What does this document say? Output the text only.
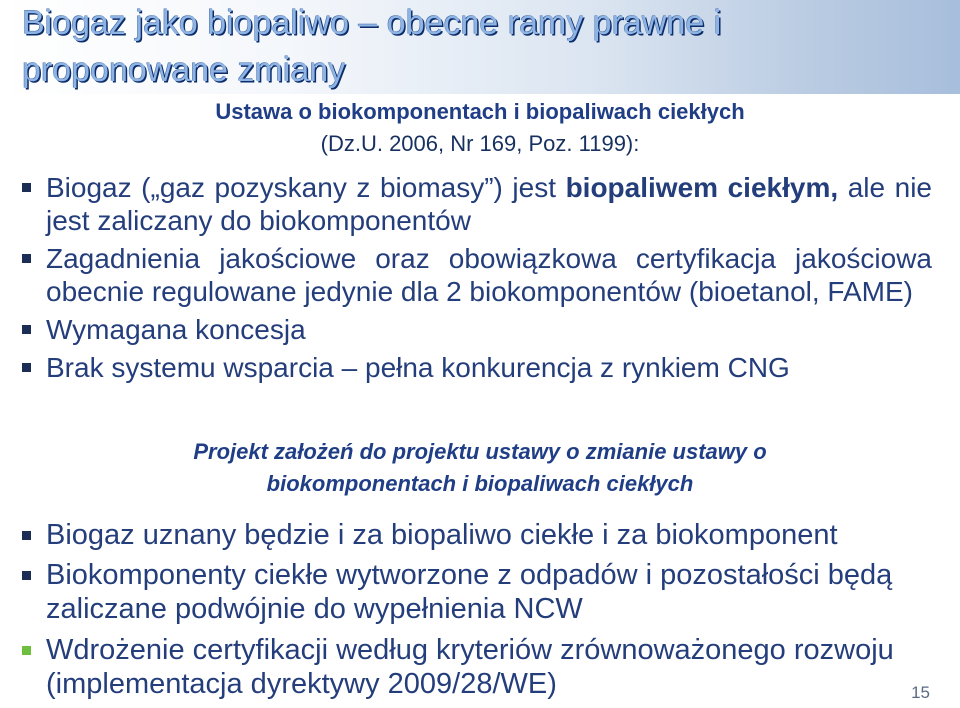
Biogaz jako biopaliwo – obecne ramy prawne i
proponowane zmiany
Ustawa o biokomponentach i biopaliwach ciekłych
(Dz.U. 2006, Nr 169, Poz. 1199):
Biogaz („gaz pozyskany z biomasy”) jest biopaliwem ciekłym, ale nie jest zaliczany do biokomponentów
Zagadnienia jakościowe oraz obowiązkowa certyfikacja jakościowa obecnie regulowane jedynie dla 2 biokomponentów (bioetanol, FAME)
Wymagana koncesja
Brak systemu wsparcia – pełna konkurencja z rynkiem CNG
Projekt założeń do projektu ustawy o zmianie ustawy o
biokomponentach i biopaliwach ciekłych
Biogaz uznany będzie i za biopaliwo ciekłe i za biokomponent
Biokomponenty ciekłe wytworzone z odpadów i pozostałości będą zaliczane podwójnie do wypełnienia NCW
Wdrożenie certyfikacji według kryteriów zrównoważonego rozwoju (implementacja dyrektywy 2009/28/WE)	15
